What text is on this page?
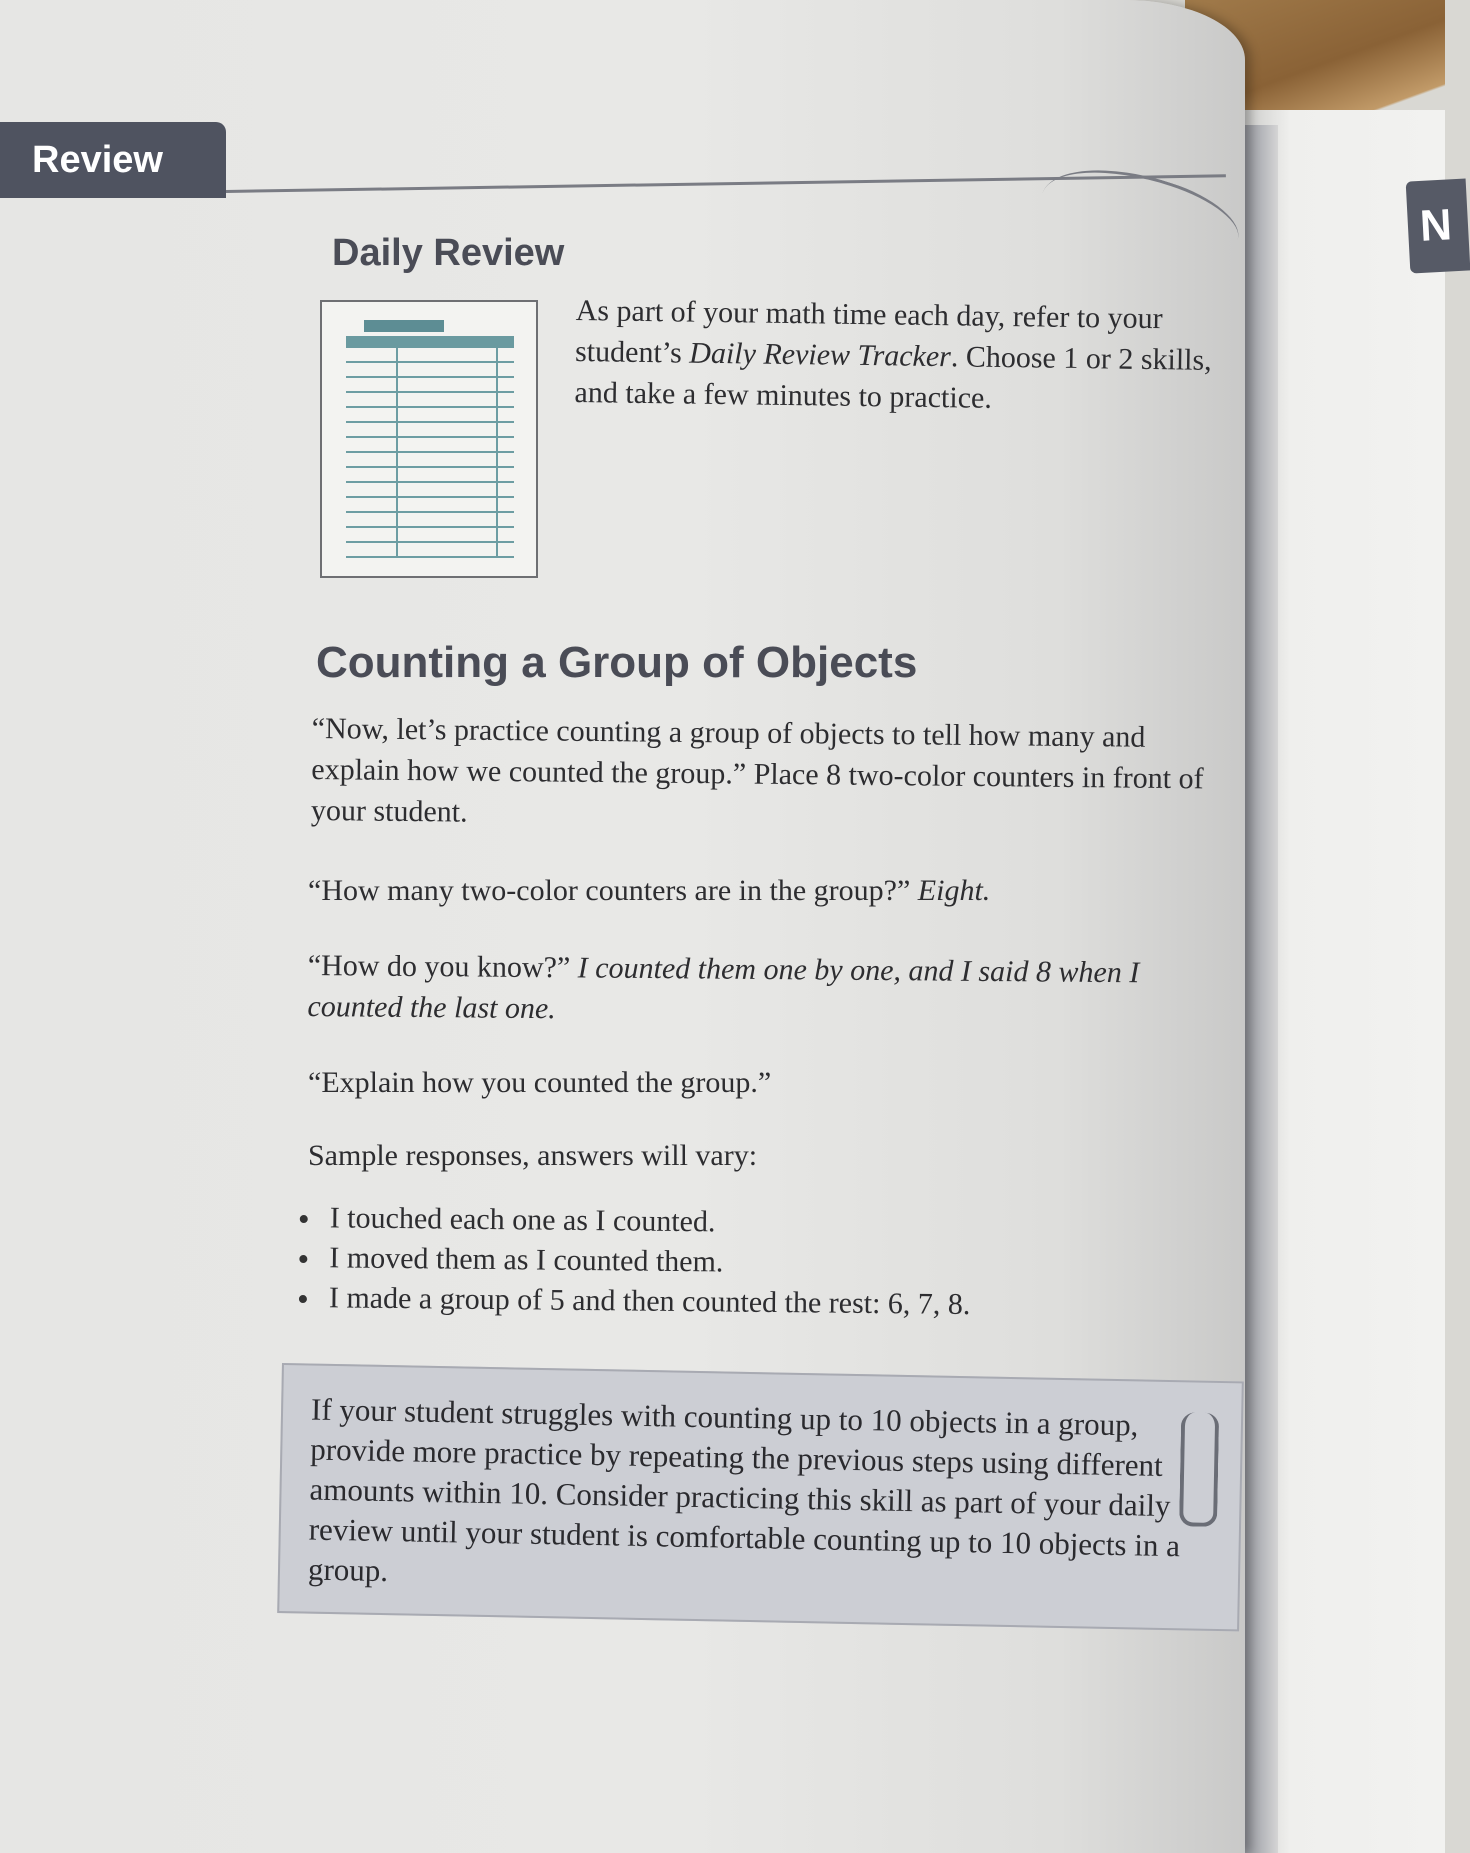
N
Review
Daily Review

As part of your math time each day, refer to your student’s Daily Review Tracker. Choose 1 or 2 skills, and take a few minutes to practice.

Counting a Group of Objects

“Now, let’s practice counting a group of objects to tell how many and explain how we counted the group.” Place 8 two-color counters in front of your student.

“How many two-color counters are in the group?” Eight.

“How do you know?” I counted them one by one, and I said 8 when I counted the last one.

“Explain how you counted the group.”

Sample responses, answers will vary:

I touched each one as I counted.
I moved them as I counted them.
I made a group of 5 and then counted the rest: 6, 7, 8.

If your student struggles with counting up to 10 objects in a group, provide more practice by repeating the previous steps using different amounts within 10. Consider practicing this skill as part of your daily review until your student is comfortable counting up to 10 objects in a group.
